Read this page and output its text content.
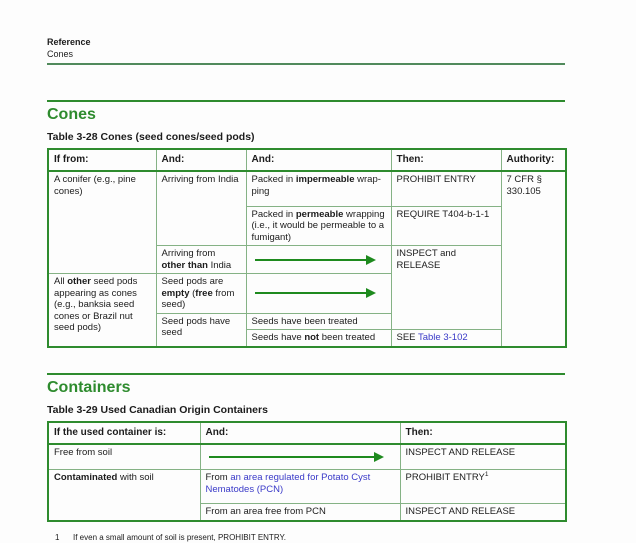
Reference
Cones
Cones

Table 3-28 Cones (seed cones/seed pods)

If from:	And:	And:	Then:	Authority:
A conifer (e.g., pine cones)	Arriving from India	Packed in impermeable wrap-ping	PROHIBIT ENTRY	7 CFR § 330.105
		Packed in permeable wrapping (i.e., it would be permeable to a fumigant)	REQUIRE T404-b-1-1	
	Arriving from other than India		INSPECT and RELEASE	
All other seed pods appearing as cones (e.g., banksia seed cones or Brazil nut seed pods)	Seed pods are empty (free from seed)			

	Seed pods have seed	Seeds have been treated		
		Seeds have not been treated	SEE Table 3-102	
Containers

Table 3-29 Used Canadian Origin Containers

If the used container is:	And:	Then:
Free from soil		INSPECT AND RELEASE
Contaminated with soil	From an area regulated for Potato Cyst Nematodes (PCN)	PROHIBIT ENTRY$^1$
	From an area free from PCN	INSPECT AND RELEASE
1	If even a small amount of soil is present, PROHIBIT ENTRY.
